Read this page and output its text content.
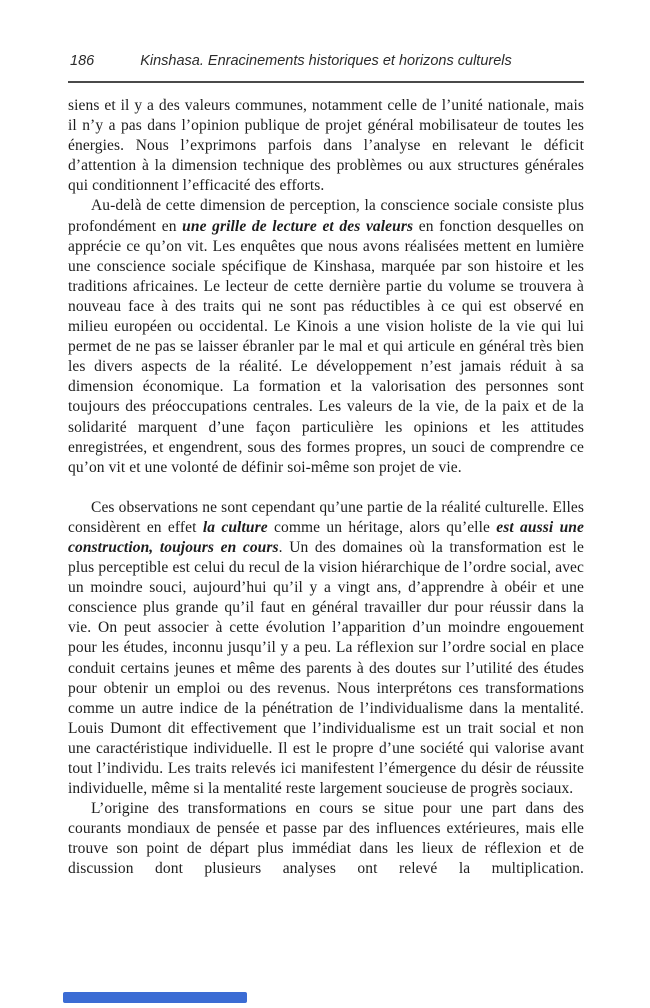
186	Kinshasa. Enracinements historiques et horizons culturels

siens et il y a des valeurs communes, notamment celle de l’unité nationale, mais il n’y a pas dans l’opinion publique de projet général mobilisateur de toutes les énergies. Nous l’exprimons parfois dans l’analyse en relevant le déficit d’attention à la dimension technique des problèmes ou aux structures générales qui conditionnent l’efficacité des efforts.

Au-delà de cette dimension de perception, la conscience sociale consiste plus profondément en une grille de lecture et des valeurs en fonction desquelles on apprécie ce qu’on vit. Les enquêtes que nous avons réalisées mettent en lumière une conscience sociale spécifique de Kinshasa, marquée par son histoire et les traditions africaines. Le lecteur de cette dernière partie du volume se trouvera à nouveau face à des traits qui ne sont pas réductibles à ce qui est observé en milieu européen ou occidental. Le Kinois a une vision holiste de la vie qui lui permet de ne pas se laisser ébranler par le mal et qui articule en général très bien les divers aspects de la réalité. Le développement n’est jamais réduit à sa dimension économique. La formation et la valorisation des personnes sont toujours des préoccupations centrales. Les valeurs de la vie, de la paix et de la solidarité marquent d’une façon particulière les opinions et les attitudes enregistrées, et engendrent, sous des formes propres, un souci de comprendre ce qu’on vit et une volonté de définir soi-même son projet de vie.

Ces observations ne sont cependant qu’une partie de la réalité culturelle. Elles considèrent en effet la culture comme un héritage, alors qu’elle est aussi une construction, toujours en cours. Un des domaines où la transformation est le plus perceptible est celui du recul de la vision hiérarchique de l’ordre social, avec un moindre souci, aujourd’hui qu’il y a vingt ans, d’apprendre à obéir et une conscience plus grande qu’il faut en général travailler dur pour réussir dans la vie. On peut associer à cette évolution l’apparition d’un moindre engouement pour les études, inconnu jusqu’il y a peu. La réflexion sur l’ordre social en place conduit certains jeunes et même des parents à des doutes sur l’utilité des études pour obtenir un emploi ou des revenus. Nous interprétons ces transformations comme un autre indice de la pénétration de l’individualisme dans la mentalité. Louis Dumont dit effectivement que l’individualisme est un trait social et non une caractéristique individuelle. Il est le propre d’une société qui valorise avant tout l’individu. Les traits relevés ici manifestent l’émergence du désir de réussite individuelle, même si la mentalité reste largement soucieuse de progrès sociaux.

L’origine des transformations en cours se situe pour une part dans des courants mondiaux de pensée et passe par des influences extérieures, mais elle trouve son point de départ plus immédiat dans les lieux de réflexion et de discussion dont plusieurs analyses ont relevé la multiplication.
